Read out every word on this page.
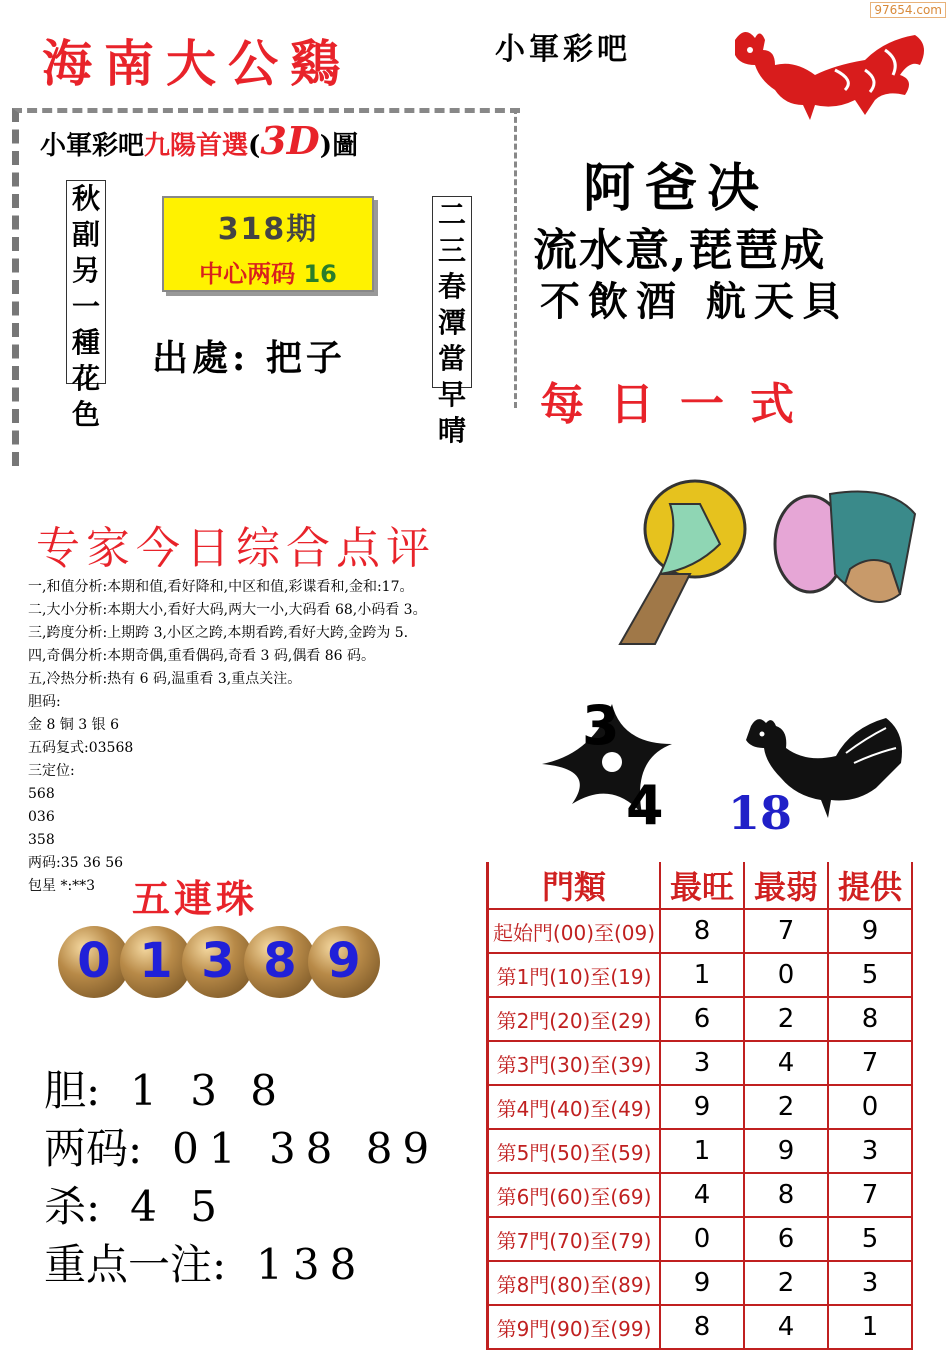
97654.com
海南大公鷄	小軍彩吧
小軍彩吧九陽首選(3D)圖
秋副另一種花色
二三春潭當早晴
318期
中心两码 16
出處: 把子
阿爸决
流水意,琵琶成
不飲酒 航天貝
每日一式
3
4 18
专家今日综合点评
一,和值分析:本期和值,看好降和,中区和值,彩谍看和,金和:17。
二,大小分析:本期大小,看好大码,两大一小,大码看 68,小码看 3。
三,跨度分析:上期跨 3,小区之跨,本期看跨,看好大跨,金跨为 5.
四,奇偶分析:本期奇偶,重看偶码,奇看 3 码,偶看 86 码。
五,冷热分析:热有 6 码,温重看 3,重点关注。
胆码:
金 8 铜 3 银 6
五码复式:03568
三定位:
568
036
358
两码:35 36 56
包星 *:**3 五連珠
0 1 3 8 9
胆: 1 3 8
两码: 01 38 89
杀: 4 5
重点一注: 138
門類	最旺	最弱	提供
起始門(00)至(09)	8	7	9
第1門(10)至(19)	1	0	5
第2門(20)至(29)	6	2	8
第3門(30)至(39)	3	4	7
第4門(40)至(49)	9	2	0
第5門(50)至(59)	1	9	3
第6門(60)至(69)	4	8	7
第7門(70)至(79)	0	6	5
第8門(80)至(89)	9	2	3
第9門(90)至(99)	8	4	1
